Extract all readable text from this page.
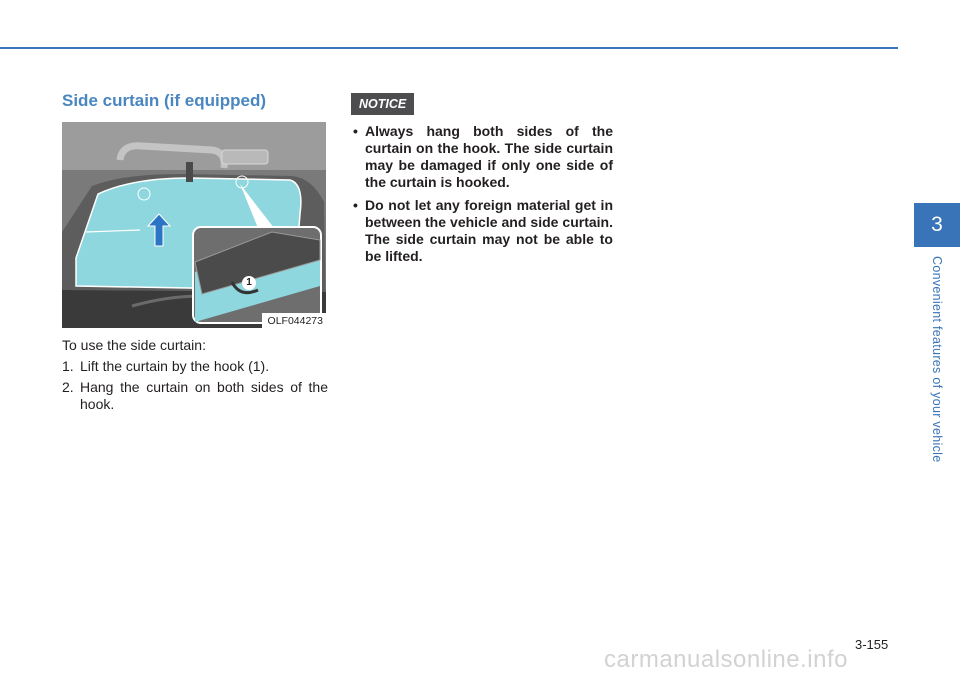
Side curtain (if equipped)
1
OLF044273

To use the side curtain:

1. Lift the curtain by the hook (1).
2. Hang the curtain on both sides of the hook.
NOTICE
• Always hang both sides of the curtain on the hook. The side curtain may be damaged if only one side of the curtain is hooked.
• Do not let any foreign material get in between the vehicle and side curtain. The side curtain may not be able to be lifted.
3
Convenient features of your vehicle
3-155
carmanualsonline.info
